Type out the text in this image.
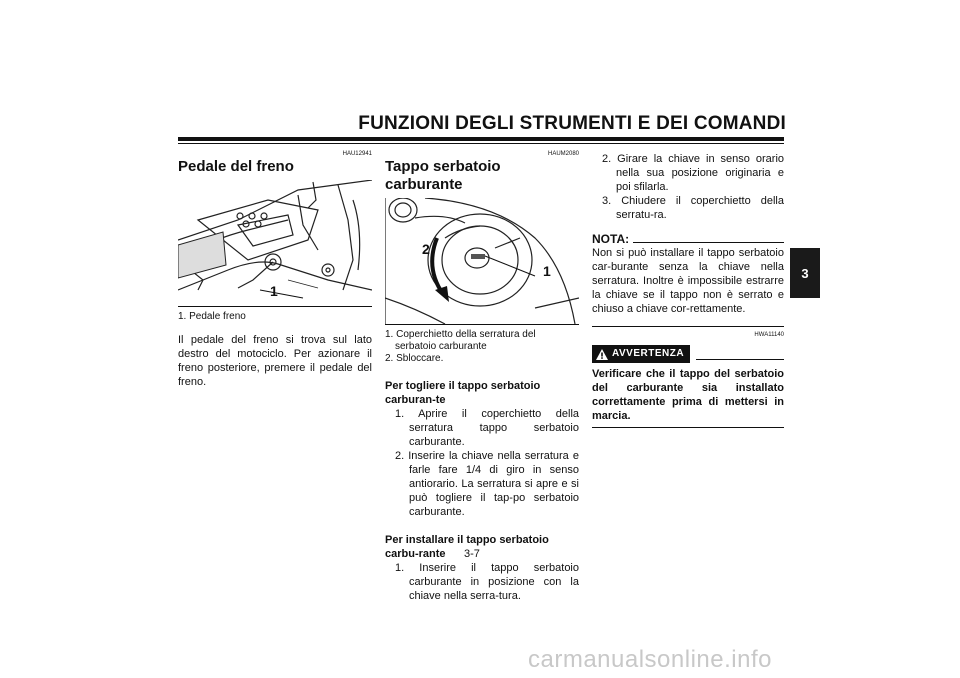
FUNZIONI DEGLI STRUMENTI E DEI COMANDI
3
HAU12941
Pedale del freno
1
1. Pedale freno

Il pedale del freno si trova sul lato destro del motociclo. Per azionare il freno posteriore, premere il pedale del freno.

HAUM2080
Tappo serbatoio carburante
2
1
1. Coperchietto della serratura del serbatoio carburante
2. Sbloccare.
Per togliere il tappo serbatoio carburan-te
1. Aprire il coperchietto della serratura tappo serbatoio carburante.
2. Inserire la chiave nella serratura e farle fare 1/4 di giro in senso antiorario. La serratura si apre e si può togliere il tap-po serbatoio carburante.
Per installare il tappo serbatoio carbu-rante
1. Inserire il tappo serbatoio carburante in posizione con la chiave nella serra-tura.
2. Girare la chiave in senso orario nella sua posizione originaria e poi sfilarla.
3. Chiudere il coperchietto della serratu-ra.
NOTA:

Non si può installare il tappo serbatoio car-burante senza la chiave nella serratura. Inoltre è impossibile estrarre la chiave se il tappo non è serrato e chiuso a chiave cor-rettamente.

HWA11140
AVVERTENZA
Verificare che il tappo del serbatoio del carburante sia installato correttamente prima di mettersi in marcia.
3-7
carmanualsonline.info
